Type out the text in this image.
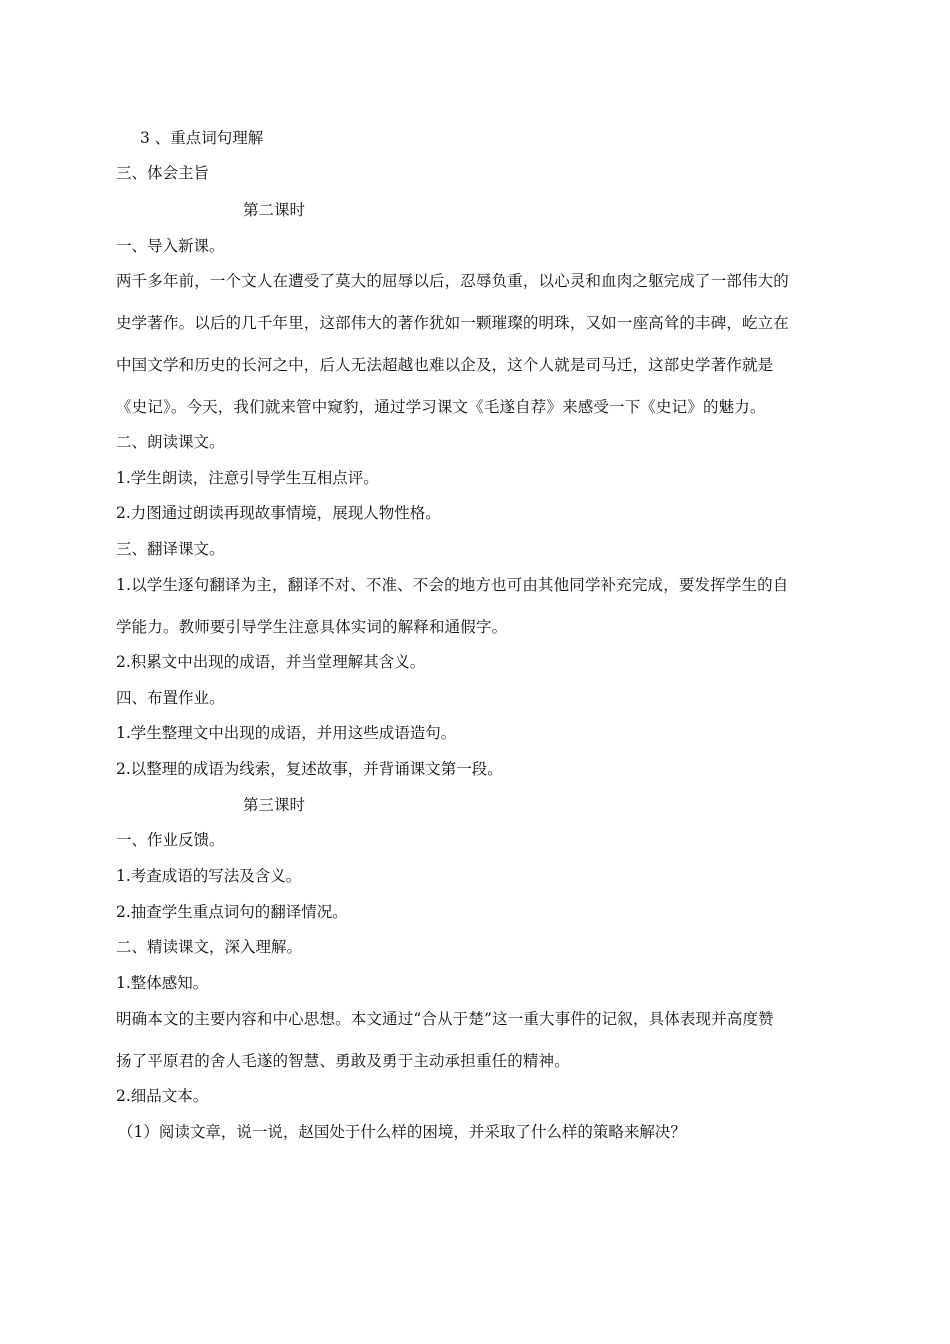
3 、重点词句理解
三、体会主旨
第二课时
一、导入新课。
两千多年前，一个文人在遭受了莫大的屈辱以后，忍辱负重，以心灵和血肉之躯完成了一部伟大的
史学著作。以后的几千年里，这部伟大的著作犹如一颗璀璨的明珠，又如一座高耸的丰碑，屹立在
中国文学和历史的长河之中，后人无法超越也难以企及，这个人就是司马迁，这部史学著作就是
《史记》。今天，我们就来管中窥豹，通过学习课文《毛遂自荐》来感受一下《史记》的魅力。
二、朗读课文。
1.学生朗读，注意引导学生互相点评。
2.力图通过朗读再现故事情境，展现人物性格。
三、翻译课文。
1.以学生逐句翻译为主，翻译不对、不准、不会的地方也可由其他同学补充完成，要发挥学生的自
学能力。教师要引导学生注意具体实词的解释和通假字。
2.积累文中出现的成语，并当堂理解其含义。
四、布置作业。
1.学生整理文中出现的成语，并用这些成语造句。
2.以整理的成语为线索，复述故事，并背诵课文第一段。
第三课时
一、作业反馈。
1.考查成语的写法及含义。
2.抽查学生重点词句的翻译情况。
二、精读课文，深入理解。
1.整体感知。
明确本文的主要内容和中心思想。本文通过“合从于楚”这一重大事件的记叙，具体表现并高度赞
扬了平原君的舍人毛遂的智慧、勇敢及勇于主动承担重任的精神。
2.细品文本。
（1）阅读文章，说一说，赵国处于什么样的困境，并采取了什么样的策略来解决？
